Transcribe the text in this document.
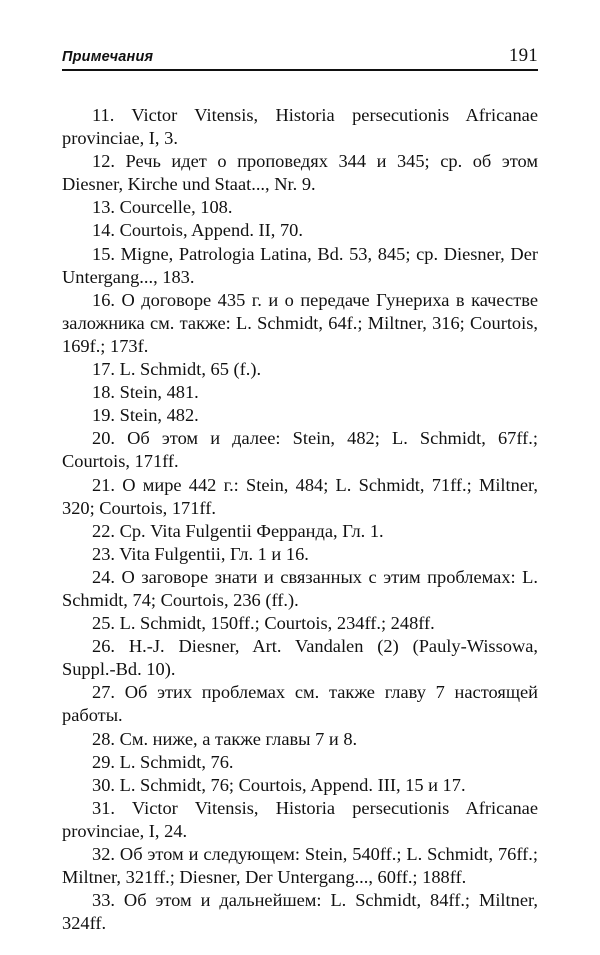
Примечания	191

11. Victor Vitensis, Historia persecutionis Africanae provinciae, I, 3.

12. Речь идет о проповедях 344 и 345; ср. об этом Diesner, Kirche und Staat..., Nr. 9.

13. Courcelle, 108.

14. Courtois, Append. II, 70.

15. Migne, Patrologia Latina, Bd. 53, 845; cp. Diesner, Der Untergang..., 183.

16. О договоре 435 г. и о передаче Гунериха в качестве заложника см. также: L. Schmidt, 64f.; Miltner, 316; Courtois, 169f.; 173f.

17. L. Schmidt, 65 (f.).

18. Stein, 481.

19. Stein, 482.

20. Об этом и далее: Stein, 482; L. Schmidt, 67ff.; Courtois, 171ff.

21. О мире 442 г.: Stein, 484; L. Schmidt, 71ff.; Miltner, 320; Courtois, 171ff.

22. Ср. Vita Fulgentii Ферранда, Гл. 1.

23. Vita Fulgentii, Гл. 1 и 16.

24. О заговоре знати и связанных с этим проблемах: L. Schmidt, 74; Courtois, 236 (ff.).

25. L. Schmidt, 150ff.; Courtois, 234ff.; 248ff.

26. H.-J. Diesner, Art. Vandalen (2) (Pauly-Wissowa, Suppl.-Bd. 10).

27. Об этих проблемах см. также главу 7 настоящей работы.

28. См. ниже, а также главы 7 и 8.

29. L. Schmidt, 76.

30. L. Schmidt, 76; Courtois, Append. III, 15 и 17.

31. Victor Vitensis, Historia persecutionis Africanae provinciae, I, 24.

32. Об этом и следующем: Stein, 540ff.; L. Schmidt, 76ff.; Miltner, 321ff.; Diesner, Der Untergang..., 60ff.; 188ff.

33. Об этом и дальнейшем: L. Schmidt, 84ff.; Miltner, 324ff.
